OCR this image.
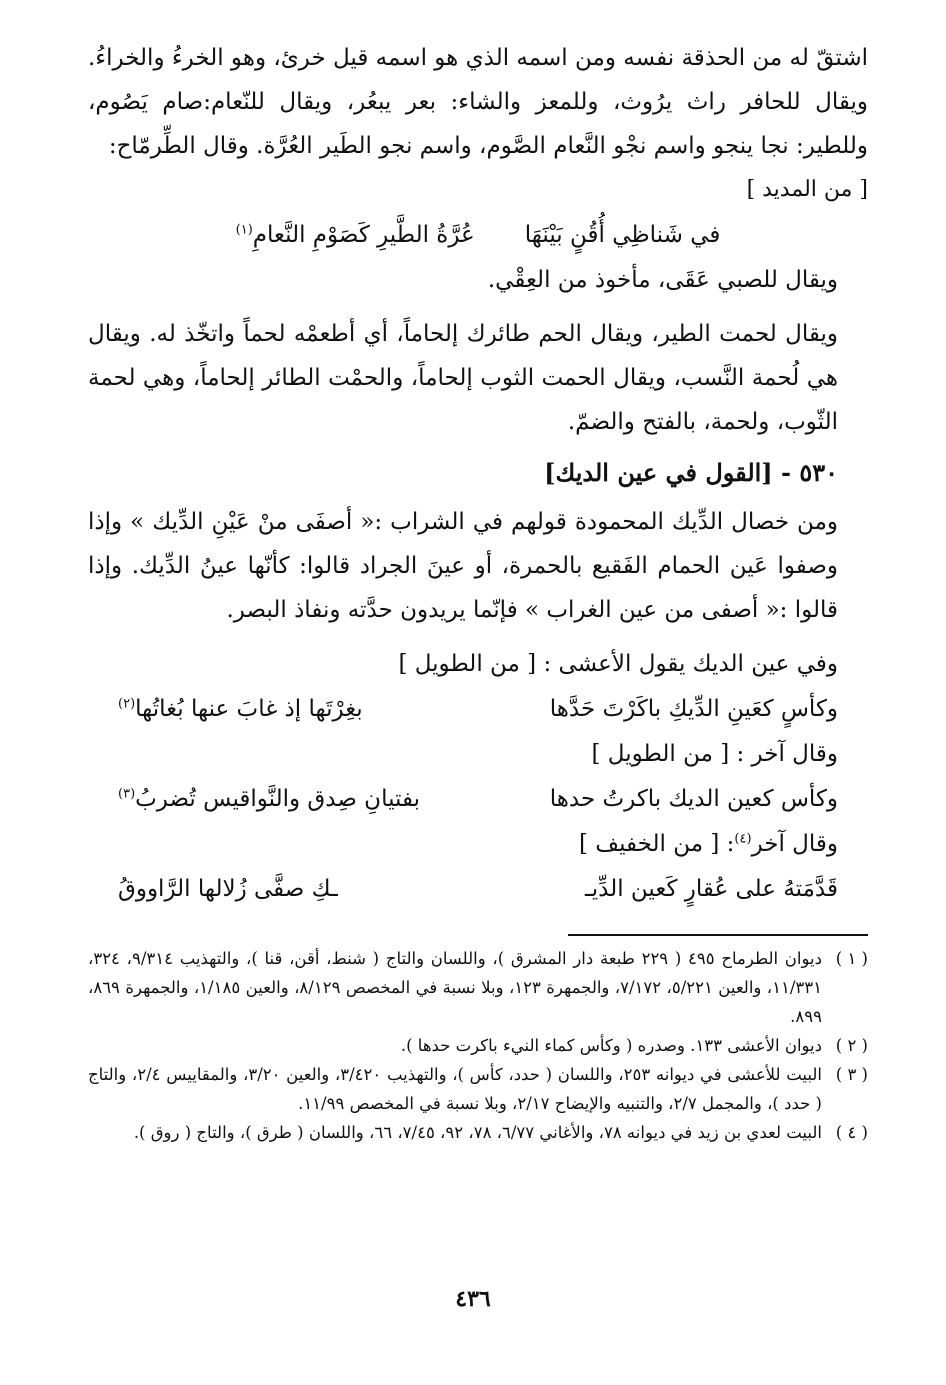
اشتقّ له من الحذقة نفسه ومن اسمه الذي هو اسمه قيل خرئ، وهو الخرءُ والخراءُ. ويقال للحافر راث يرُوث، وللمعز والشاء: بعر يبعُر، ويقال للنّعام:صام يَصُوم، وللطير: نجا ينجو واسم نجْو النَّعام الصَّوم، واسم نجو الطَير العُرَّة. وقال الطِّرمّاح:

[ من المديد ]
في شَناظِي أُقُنٍ بَيْنَهَا
عُرَّةُ الطَّيرِ كَصَوْمِ النَّعامِ$^{(١)}$

ويقال للصبي عَقَى، مأخوذ من العِقْي.

ويقال لحمت الطير، ويقال الحم طائرك إلحاماً، أي أطعمْه لحماً واتخّذ له. ويقال هي لُحمة النَّسب، ويقال الحمت الثوب إلحاماً، والحمْت الطائر إلحاماً، وهي لحمة الثّوب، ولحمة، بالفتح والضمّ.

٥٣٠ - [القول في عين الديك]

ومن خصال الدِّيك المحمودة قولهم في الشراب :« أصفَى منْ عَيْنِ الدِّيك » وإذا وصفوا عَين الحمام الفَقيع بالحمرة، أو عينَ الجراد قالوا: كأنّها عينُ الدِّيك. وإذا قالوا :« أصفى من عين الغراب » فإنّما يريدون حدَّته ونفاذ البصر.

وفي عين الديك يقول الأعشى : [ من الطويل ]

وكأسٍ كعَينِ الدِّيكِ باكَرْتَ حَدَّها
بغِرْتَها إذ غابَ عنها بُغاتُها$^{(٢)}$

وقال آخر : [ من الطويل ]

وكأس كعين الديك باكرتُ حدها
بفتيانِ صِدق والنَّواقيس تُضربُ$^{(٣)}$

وقال آخر$^{(٤)}$: [ من الخفيف ]

قَدَّمَتهُ على عُقارٍ كَعين الدِّيـ
ـكِ صفَّى زُلالها الرَّاووقُ
( ١ )
ديوان الطرماح ٤٩٥ ( ٢٢٩ طبعة دار المشرق )، واللسان والتاج ( شنط، أقن، قنا )، والتهذيب ٩/٣١٤، ٣٢٤، ١١/٣٣١، والعين ٥/٢٢١، ٧/١٧٢، والجمهرة ١٢٣، وبلا نسبة في المخصص ٨/١٢٩، والعين ١/١٨٥، والجمهرة ٨٦٩، ٨٩٩.
( ٢ )
ديوان الأعشى ١٣٣. وصدره ( وكأس كماء النيء باكرت حدها ).
( ٣ )
البيت للأعشى في ديوانه ٢٥٣، واللسان ( حدد، كأس )، والتهذيب ٣/٤٢٠، والعين ٣/٢٠، والمقاييس ٢/٤، والتاج ( حدد )، والمجمل ٢/٧، والتنبيه والإيضاح ٢/١٧، وبلا نسبة في المخصص ١١/٩٩.
( ٤ )
البيت لعدي بن زيد في ديوانه ٧٨، والأغاني ٦/٧٧، ٧٨، ٩٢، ٧/٤٥، ٦٦، واللسان ( طرق )، والتاج ( روق ).
٤٣٦
